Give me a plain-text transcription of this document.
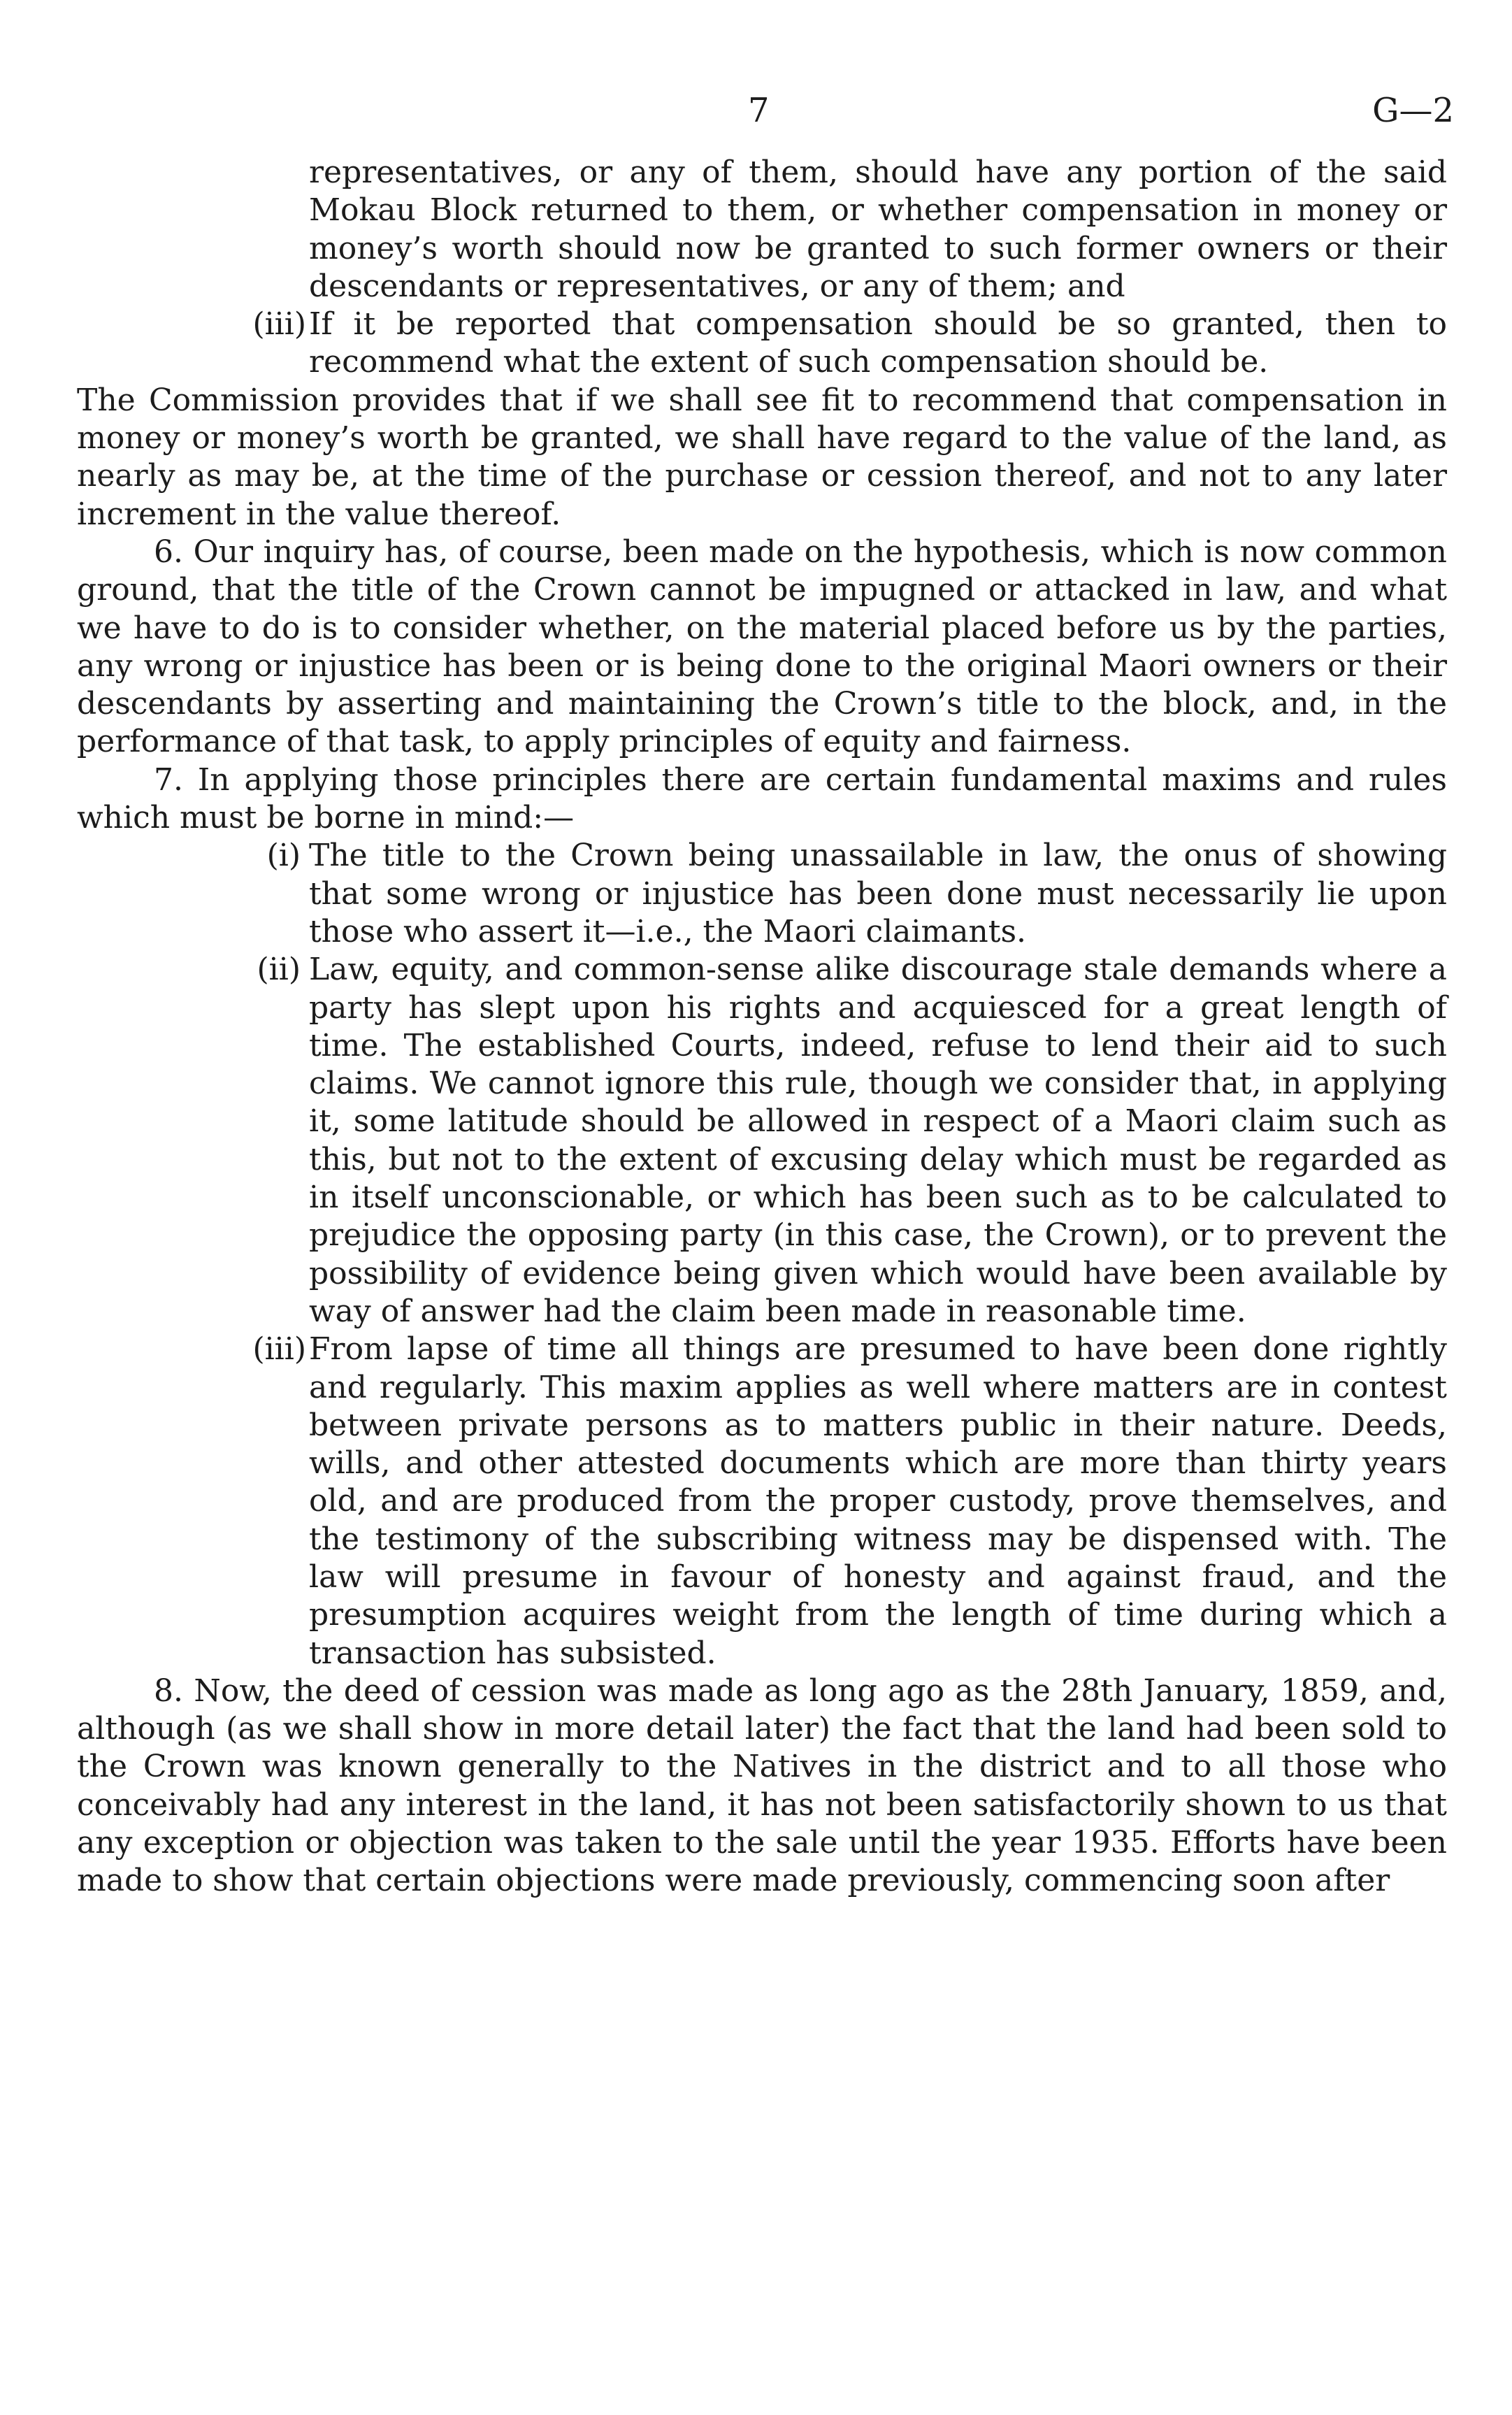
7	G—2

representatives, or any of them, should have any portion of the said Mokau Block returned to them, or whether compensation in money or money’s worth should now be granted to such former owners or their descendants or representatives, or any of them; and

(iii) If it be reported that compensation should be so granted, then to recommend what the extent of such compensation should be.

The Commission provides that if we shall see fit to recommend that compensation in money or money’s worth be granted, we shall have regard to the value of the land, as nearly as may be, at the time of the purchase or cession thereof, and not to any later increment in the value thereof.

6. Our inquiry has, of course, been made on the hypothesis, which is now common ground, that the title of the Crown cannot be impugned or attacked in law, and what we have to do is to consider whether, on the material placed before us by the parties, any wrong or injustice has been or is being done to the original Maori owners or their descendants by asserting and maintaining the Crown’s title to the block, and, in the performance of that task, to apply principles of equity and fairness.

7. In applying those principles there are certain fundamental maxims and rules which must be borne in mind:—

(i) The title to the Crown being unassailable in law, the onus of showing that some wrong or injustice has been done must necessarily lie upon those who assert it—i.e., the Maori claimants.

(ii) Law, equity, and common-sense alike discourage stale demands where a party has slept upon his rights and acquiesced for a great length of time. The established Courts, indeed, refuse to lend their aid to such claims. We cannot ignore this rule, though we consider that, in applying it, some latitude should be allowed in respect of a Maori claim such as this, but not to the extent of excusing delay which must be regarded as in itself unconscionable, or which has been such as to be calculated to prejudice the opposing party (in this case, the Crown), or to prevent the possibility of evidence being given which would have been available by way of answer had the claim been made in reasonable time.

(iii) From lapse of time all things are presumed to have been done rightly and regularly. This maxim applies as well where matters are in contest between private persons as to matters public in their nature. Deeds, wills, and other attested documents which are more than thirty years old, and are produced from the proper custody, prove themselves, and the testimony of the subscribing witness may be dispensed with. The law will presume in favour of honesty and against fraud, and the presumption acquires weight from the length of time during which a transaction has subsisted.

8. Now, the deed of cession was made as long ago as the 28th January, 1859, and, although (as we shall show in more detail later) the fact that the land had been sold to the Crown was known generally to the Natives in the district and to all those who conceivably had any interest in the land, it has not been satisfactorily shown to us that any exception or objection was taken to the sale until the year 1935. Efforts have been made to show that certain objections were made previously, commencing soon after
